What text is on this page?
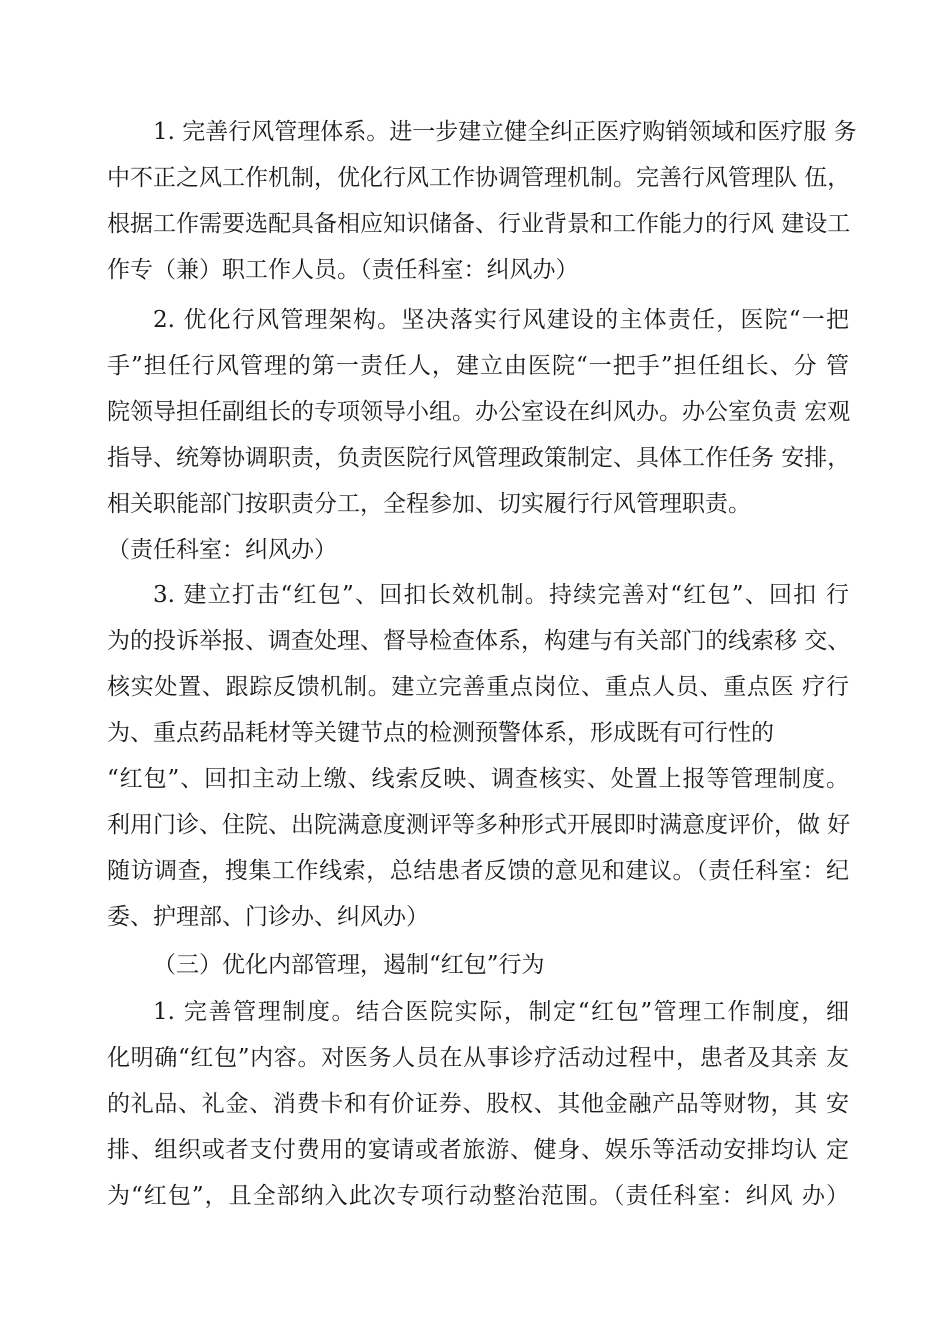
1. 完善行风管理体系。进一步建立健全纠正医疗购销领域和医疗服 务
中不正之风工作机制，优化行风工作协调管理机制。完善行风管理队 伍，
根据工作需要选配具备相应知识储备、行业背景和工作能力的行风 建设工
作专（兼）职工作人员。（责任科室：纠风办）
2. 优化行风管理架构。坚决落实行风建设的主体责任，医院“一把
手”担任行风管理的第一责任人，建立由医院“一把手”担任组长、分 管
院领导担任副组长的专项领导小组。办公室设在纠风办。办公室负责 宏观
指导、统筹协调职责，负责医院行风管理政策制定、具体工作任务 安排，
相关职能部门按职责分工，全程参加、切实履行行风管理职责。
（责任科室：纠风办）
3. 建立打击“红包”、回扣长效机制。持续完善对“红包”、回扣 行
为的投诉举报、调查处理、督导检查体系，构建与有关部门的线索移 交、
核实处置、跟踪反馈机制。建立完善重点岗位、重点人员、重点医 疗行
为、重点药品耗材等关键节点的检测预警体系，形成既有可行性的
“红包”、回扣主动上缴、线索反映、调查核实、处置上报等管理制度。
利用门诊、住院、出院满意度测评等多种形式开展即时满意度评价，做 好
随访调查，搜集工作线索，总结患者反馈的意见和建议。（责任科室：纪
委、护理部、门诊办、纠风办）
（三）优化内部管理，遏制“红包”行为
1. 完善管理制度。结合医院实际，制定“红包”管理工作制度，细
化明确“红包”内容。对医务人员在从事诊疗活动过程中，患者及其亲 友
的礼品、礼金、消费卡和有价证券、股权、其他金融产品等财物，其 安
排、组织或者支付费用的宴请或者旅游、健身、娱乐等活动安排均认 定
为“红包”，且全部纳入此次专项行动整治范围。（责任科室：纠风 办）
